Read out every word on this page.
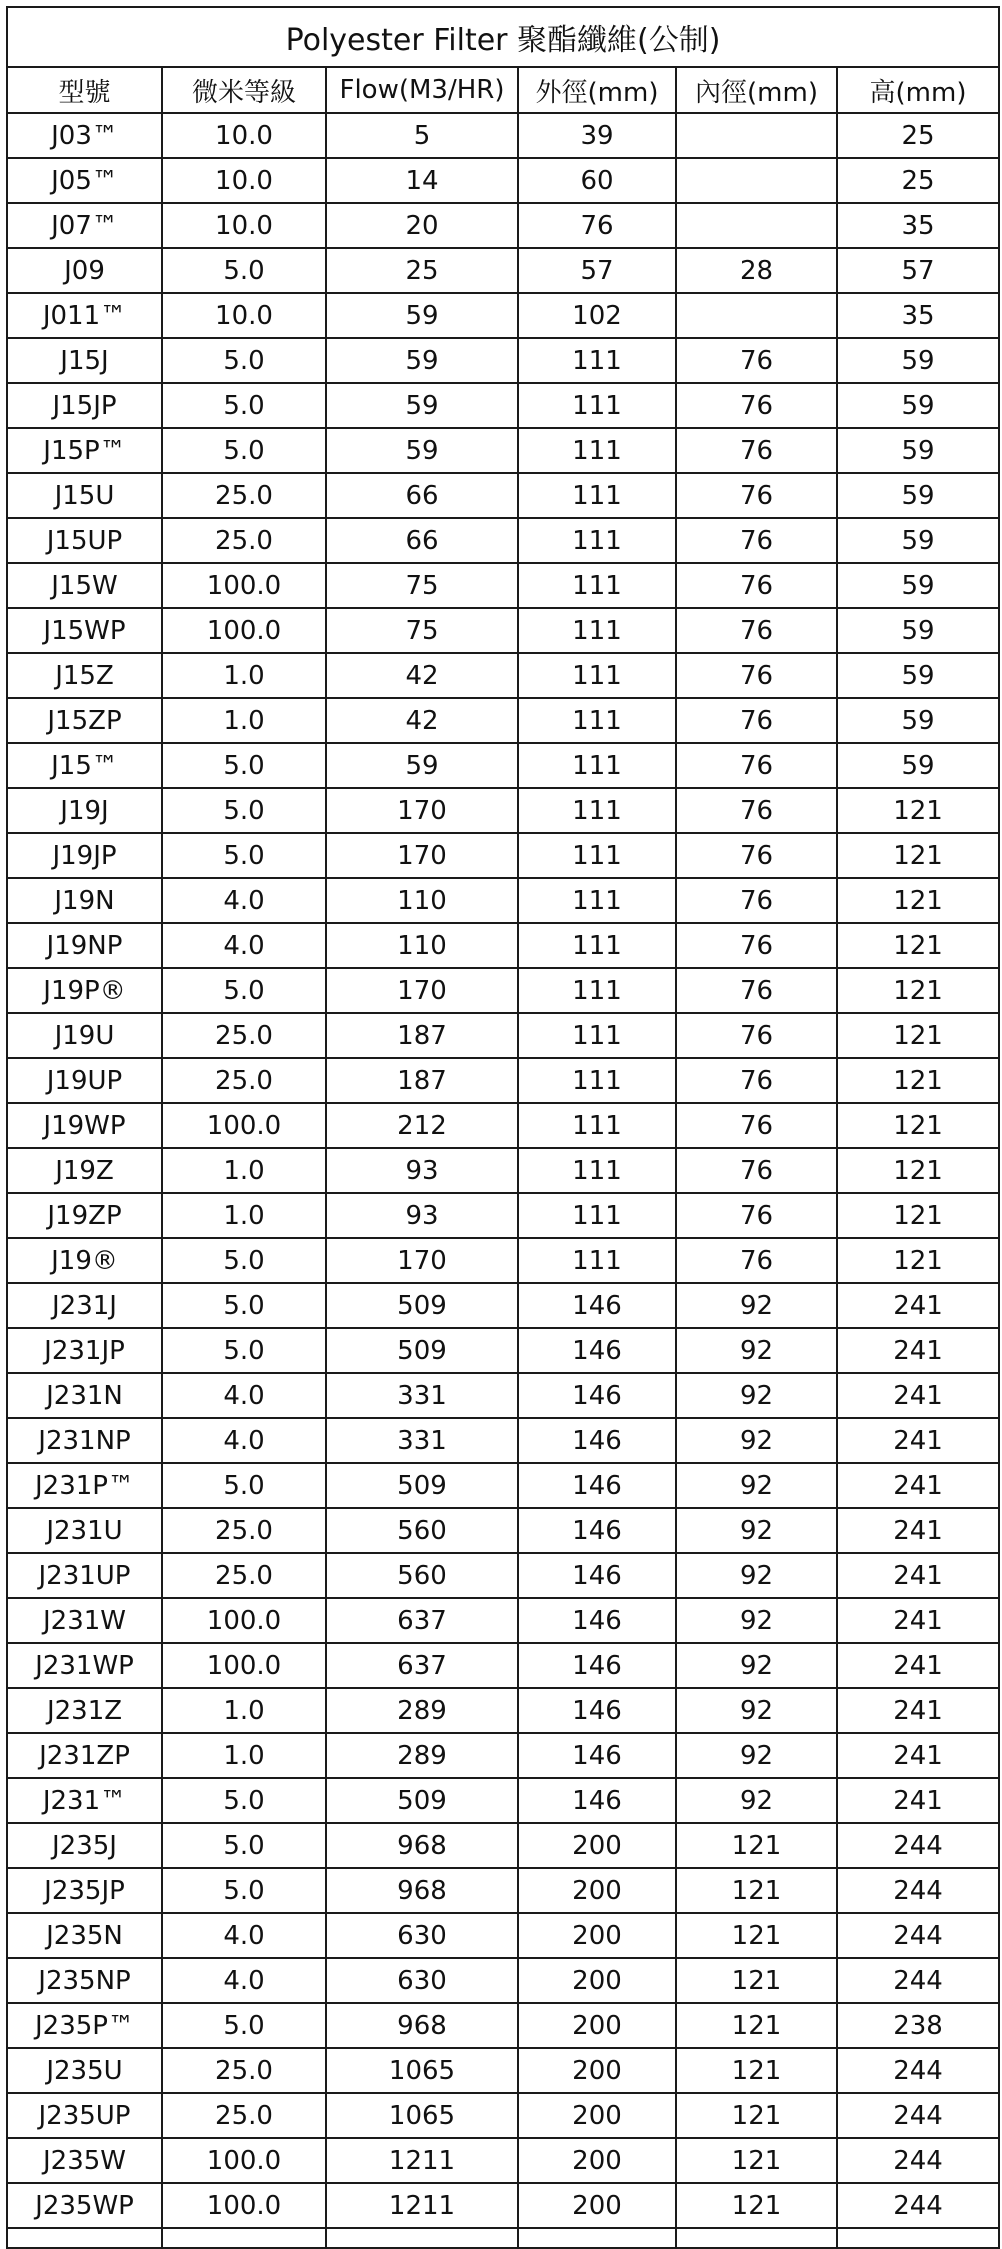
Polyester Filter 聚酯纖維(公制)					
型號	微米等級	Flow(M3/HR)	外徑(mm)	內徑(mm)	高(mm)
J03™	10.0	5	39		25
J05™	10.0	14	60		25
J07™	10.0	20	76		35
J09	5.0	25	57	28	57
J011™	10.0	59	102		35
J15J	5.0	59	111	76	59
J15JP	5.0	59	111	76	59
J15P™	5.0	59	111	76	59
J15U	25.0	66	111	76	59
J15UP	25.0	66	111	76	59
J15W	100.0	75	111	76	59
J15WP	100.0	75	111	76	59
J15Z	1.0	42	111	76	59
J15ZP	1.0	42	111	76	59
J15™	5.0	59	111	76	59
J19J	5.0	170	111	76	121
J19JP	5.0	170	111	76	121
J19N	4.0	110	111	76	121
J19NP	4.0	110	111	76	121
J19P®	5.0	170	111	76	121
J19U	25.0	187	111	76	121
J19UP	25.0	187	111	76	121
J19WP	100.0	212	111	76	121
J19Z	1.0	93	111	76	121
J19ZP	1.0	93	111	76	121
J19®	5.0	170	111	76	121
J231J	5.0	509	146	92	241
J231JP	5.0	509	146	92	241
J231N	4.0	331	146	92	241
J231NP	4.0	331	146	92	241
J231P™	5.0	509	146	92	241
J231U	25.0	560	146	92	241
J231UP	25.0	560	146	92	241
J231W	100.0	637	146	92	241
J231WP	100.0	637	146	92	241
J231Z	1.0	289	146	92	241
J231ZP	1.0	289	146	92	241
J231™	5.0	509	146	92	241
J235J	5.0	968	200	121	244
J235JP	5.0	968	200	121	244
J235N	4.0	630	200	121	244
J235NP	4.0	630	200	121	244
J235P™	5.0	968	200	121	238
J235U	25.0	1065	200	121	244
J235UP	25.0	1065	200	121	244
J235W	100.0	1211	200	121	244
J235WP	100.0	1211	200	121	244
